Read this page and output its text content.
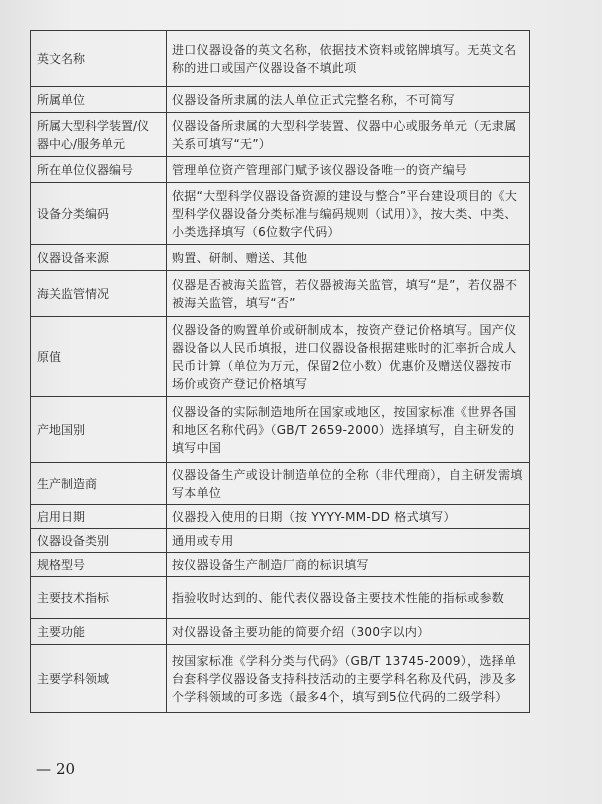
英文名称	进口仪器设备的英文名称，依据技术资料或铭牌填写。无英文名称的进口或国产仪器设备不填此项
所属单位	仪器设备所隶属的法人单位正式完整名称，不可简写
所属大型科学装置/仪器中心/服务单元	仪器设备所隶属的大型科学装置、仪器中心或服务单元（无隶属关系可填写“无”）
所在单位仪器编号	管理单位资产管理部门赋予该仪器设备唯一的资产编号
设备分类编码	依据“大型科学仪器设备资源的建设与整合”平台建设项目的《大型科学仪器设备分类标准与编码规则（试用）》，按大类、中类、小类选择填写（6位数字代码）
仪器设备来源	购置、研制、赠送、其他
海关监管情况	仪器是否被海关监管，若仪器被海关监管，填写“是”，若仪器不被海关监管，填写“否”
原值	仪器设备的购置单价或研制成本，按资产登记价格填写。国产仪器设备以人民币填报，进口仪器设备根据建账时的汇率折合成人民币计算（单位为万元，保留2位小数）优惠价及赠送仪器按市场价或资产登记价格填写
产地国别	仪器设备的实际制造地所在国家或地区，按国家标准《世界各国和地区名称代码》（GB/T 2659-2000）选择填写，自主研发的填写中国
生产制造商	仪器设备生产或设计制造单位的全称（非代理商），自主研发需填写本单位
启用日期	仪器投入使用的日期（按 YYYY-MM-DD 格式填写）
仪器设备类别	通用或专用
规格型号	按仪器设备生产制造厂商的标识填写
主要技术指标	指验收时达到的、能代表仪器设备主要技术性能的指标或参数
主要功能	对仪器设备主要功能的简要介绍（300字以内）
主要学科领域	按国家标准《学科分类与代码》（GB/T 13745-2009），选择单台套科学仪器设备支持科技活动的主要学科名称及代码，涉及多个学科领域的可多选（最多4个，填写到5位代码的二级学科）
— 20
